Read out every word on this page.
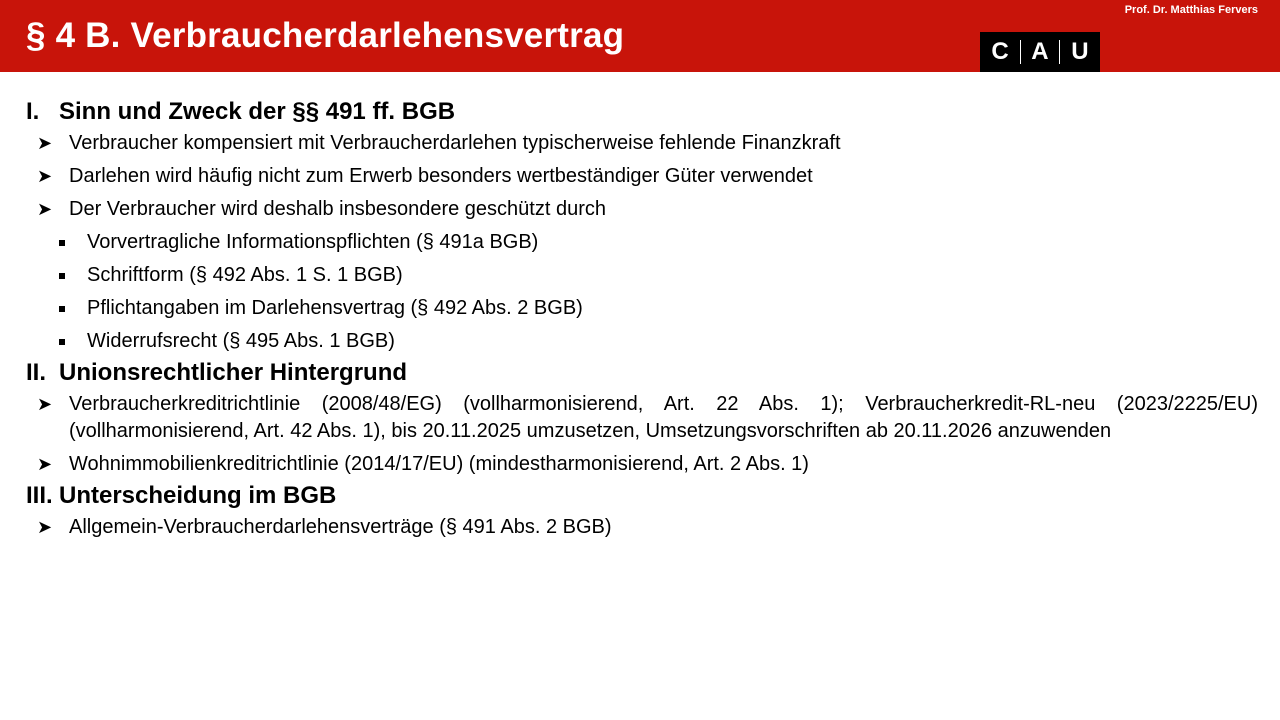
§ 4 B. Verbraucherdarlehensvertrag
Prof. Dr. Matthias Fervers
C A U
I. Sinn und Zweck der §§ 491 ff. BGB
➤ Verbraucher kompensiert mit Verbraucherdarlehen typischerweise fehlende Finanzkraft
➤ Darlehen wird häufig nicht zum Erwerb besonders wertbeständiger Güter verwendet
➤ Der Verbraucher wird deshalb insbesondere geschützt durch
Vorvertragliche Informationspflichten (§ 491a BGB)
Schriftform (§ 492 Abs. 1 S. 1 BGB)
Pflichtangaben im Darlehensvertrag (§ 492 Abs. 2 BGB)
Widerrufsrecht (§ 495 Abs. 1 BGB)
II. Unionsrechtlicher Hintergrund
➤ Verbraucherkreditrichtlinie (2008/48/EG) (vollharmonisierend, Art. 22 Abs. 1); Verbraucherkredit-RL-neu (2023/2225/EU) (vollharmonisierend, Art. 42 Abs. 1), bis 20.11.2025 umzusetzen, Umsetzungsvorschriften ab 20.11.2026 anzuwenden
➤ Wohnimmobilienkreditrichtlinie (2014/17/EU) (mindestharmonisierend, Art. 2 Abs. 1)
III. Unterscheidung im BGB
➤ Allgemein-Verbraucherdarlehensverträge (§ 491 Abs. 2 BGB)
